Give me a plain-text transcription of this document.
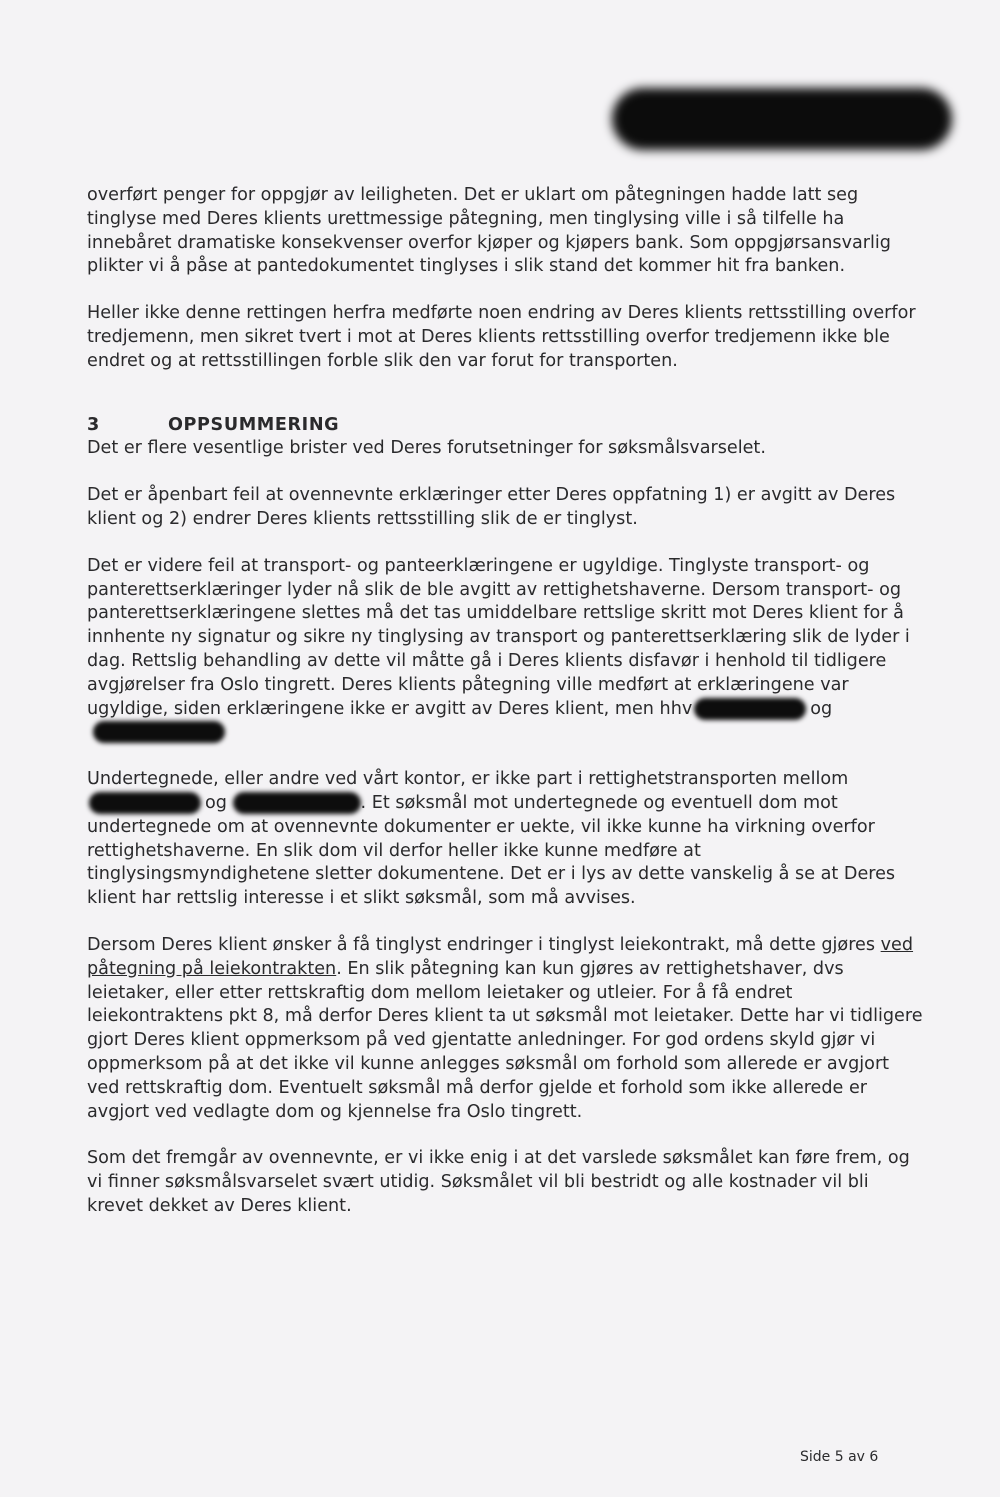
overført penger for oppgjør av leiligheten. Det er uklart om påtegningen hadde latt seg tinglyse med Deres klients urettmessige påtegning, men tinglysing ville i så tilfelle ha innebåret dramatiske konsekvenser overfor kjøper og kjøpers bank. Som oppgjørsansvarlig plikter vi å påse at pantedokumentet tinglyses i slik stand det kommer hit fra banken.

Heller ikke denne rettingen herfra medførte noen endring av Deres klients rettsstilling overfor tredjemenn, men sikret tvert i mot at Deres klients rettsstilling overfor tredjemenn ikke ble endret og at rettsstillingen forble slik den var forut for transporten.

3	OPPSUMMERING

Det er flere vesentlige brister ved Deres forutsetninger for søksmålsvarselet.

Det er åpenbart feil at ovennevnte erklæringer etter Deres oppfatning 1) er avgitt av Deres klient og 2) endrer Deres klients rettsstilling slik de er tinglyst.

Det er videre feil at transport- og panteerklæringene er ugyldige. Tinglyste transport- og panterettserklæringer lyder nå slik de ble avgitt av rettighetshaverne. Dersom transport- og panterettserklæringene slettes må det tas umiddelbare rettslige skritt mot Deres klient for å innhente ny signatur og sikre ny tinglysing av transport og panterettserklæring slik de lyder i dag. Rettslig behandling av dette vil måtte gå i Deres klients disfavør i henhold til tidligere avgjørelser fra Oslo tingrett. Deres klients påtegning ville medført at erklæringene var ugyldige, siden erklæringene ikke er avgitt av Deres klient, men hhv	og

Undertegnede, eller andre ved vårt kontor, er ikke part i rettighetstransporten mellom og	. Et søksmål mot undertegnede og eventuell dom mot undertegnede om at ovennevnte dokumenter er uekte, vil ikke kunne ha virkning overfor rettighetshaverne. En slik dom vil derfor heller ikke kunne medføre at tinglysingsmyndighetene sletter dokumentene. Det er i lys av dette vanskelig å se at Deres klient har rettslig interesse i et slikt søksmål, som må avvises.

Dersom Deres klient ønsker å få tinglyst endringer i tinglyst leiekontrakt, må dette gjøres ved påtegning på leiekontrakten. En slik påtegning kan kun gjøres av rettighetshaver, dvs leietaker, eller etter rettskraftig dom mellom leietaker og utleier. For å få endret leiekontraktens pkt 8, må derfor Deres klient ta ut søksmål mot leietaker. Dette har vi tidligere gjort Deres klient oppmerksom på ved gjentatte anledninger. For god ordens skyld gjør vi oppmerksom på at det ikke vil kunne anlegges søksmål om forhold som allerede er avgjort ved rettskraftig dom. Eventuelt søksmål må derfor gjelde et forhold som ikke allerede er avgjort ved vedlagte dom og kjennelse fra Oslo tingrett.

Som det fremgår av ovennevnte, er vi ikke enig i at det varslede søksmålet kan føre frem, og vi finner søksmålsvarselet svært utidig. Søksmålet vil bli bestridt og alle kostnader vil bli krevet dekket av Deres klient.

Side 5 av 6
